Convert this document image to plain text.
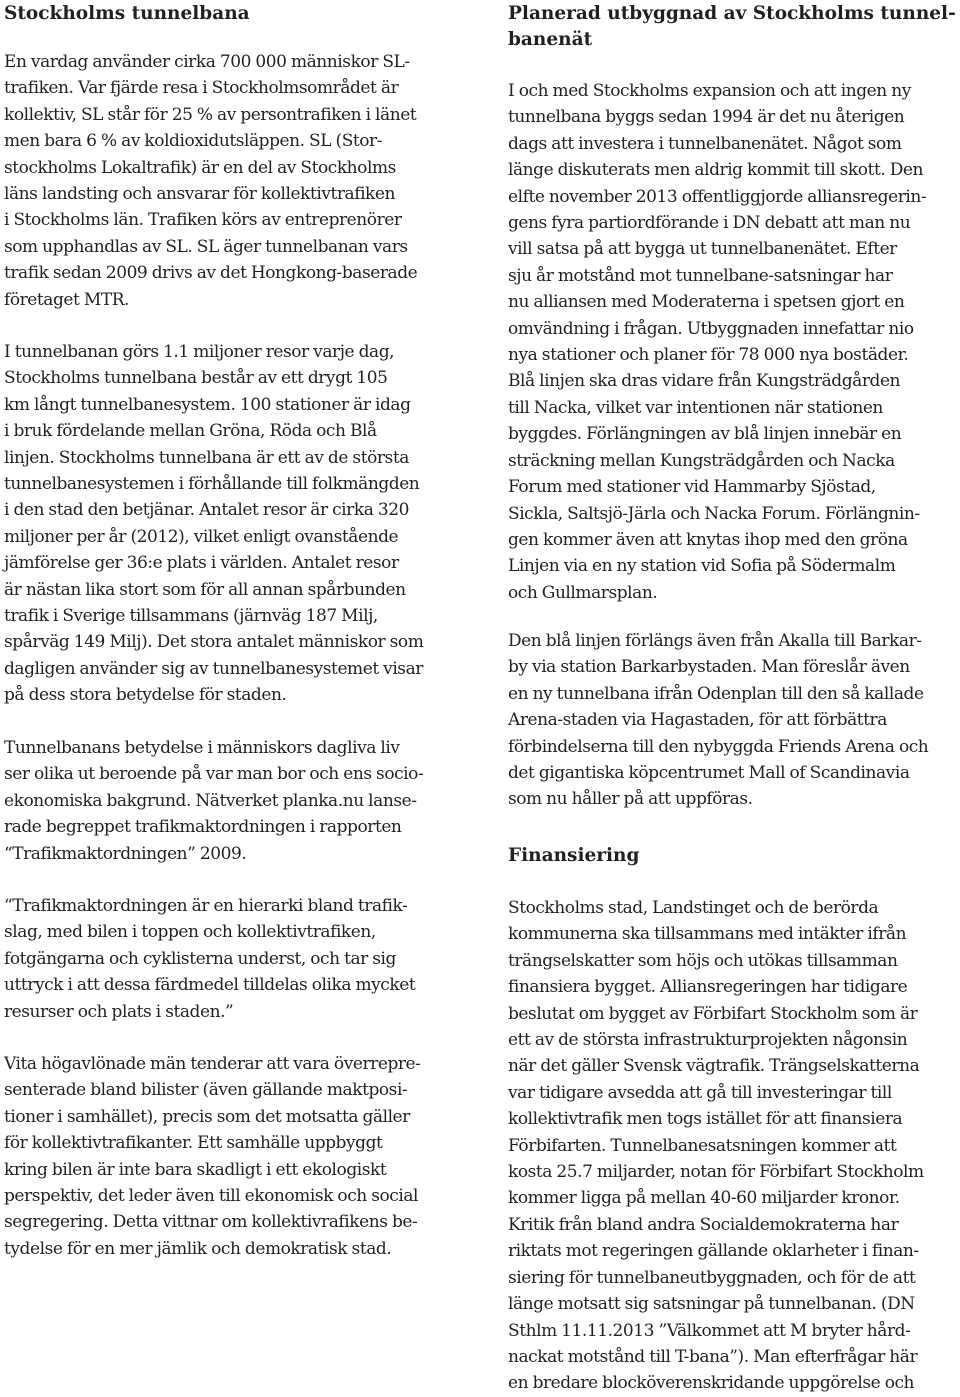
Stockholms tunnelbana

En vardag använder cirka 700 000 människor SL-
trafiken. Var fjärde resa i Stockholmsområdet är
kollektiv, SL står för 25 % av persontrafiken i länet
men bara 6 % av koldioxidutsläppen. SL (Stor-
stockholms Lokaltrafik) är en del av Stockholms
läns landsting och ansvarar för kollektivtrafiken
i Stockholms län. Trafiken körs av entreprenörer
som upphandlas av SL. SL äger tunnelbanan vars
trafik sedan 2009 drivs av det Hongkong-baserade
företaget MTR.

I tunnelbanan görs 1.1 miljoner resor varje dag,
Stockholms tunnelbana består av ett drygt 105
km långt tunnelbanesystem. 100 stationer är idag
i bruk fördelande mellan Gröna, Röda och Blå
linjen. Stockholms tunnelbana är ett av de största
tunnelbanesystemen i förhållande till folkmängden
i den stad den betjänar. Antalet resor är cirka 320
miljoner per år (2012), vilket enligt ovanstående
jämförelse ger 36:e plats i världen. Antalet resor
är nästan lika stort som för all annan spårbunden
trafik i Sverige tillsammans (järnväg 187 Milj,
spårväg 149 Milj). Det stora antalet människor som
dagligen använder sig av tunnelbanesystemet visar
på dess stora betydelse för staden.

Tunnelbanans betydelse i människors dagliva liv
ser olika ut beroende på var man bor och ens socio-
ekonomiska bakgrund. Nätverket planka.nu lanse-
rade begreppet trafikmaktordningen i rapporten
“Trafikmaktordningen” 2009.

“Trafikmaktordningen är en hierarki bland trafik-
slag, med bilen i toppen och kollektivtrafiken,
fotgängarna och cyklisterna underst, och tar sig
uttryck i att dessa färdmedel tilldelas olika mycket
resurser och plats i staden.”

Vita högavlönade män tenderar att vara överrepre-
senterade bland bilister (även gällande maktposi-
tioner i samhället), precis som det motsatta gäller
för kollektivtrafikanter. Ett samhälle uppbyggt
kring bilen är inte bara skadligt i ett ekologiskt
perspektiv, det leder även till ekonomisk och social
segregering. Detta vittnar om kollektivrafikens be-
tydelse för en mer jämlik och demokratisk stad.

Planerad utbyggnad av Stockholms tunnel-
banenät

I och med Stockholms expansion och att ingen ny
tunnelbana byggs sedan 1994 är det nu återigen
dags att investera i tunnelbanenätet. Något som
länge diskuterats men aldrig kommit till skott. Den
elfte november 2013 offentliggjorde alliansregerin-
gens fyra partiordförande i DN debatt att man nu
vill satsa på att bygga ut tunnelbanenätet. Efter
sju år motstånd mot tunnelbane-satsningar har
nu alliansen med Moderaterna i spetsen gjort en
omvändning i frågan. Utbyggnaden innefattar nio
nya stationer och planer för 78 000 nya bostäder.
Blå linjen ska dras vidare från Kungsträdgården
till Nacka, vilket var intentionen när stationen
byggdes. Förlängningen av blå linjen innebär en
sträckning mellan Kungsträdgården och Nacka
Forum med stationer vid Hammarby Sjöstad,
Sickla, Saltsjö-Järla och Nacka Forum. Förlängnin-
gen kommer även att knytas ihop med den gröna
Linjen via en ny station vid Sofia på Södermalm
och Gullmarsplan.

Den blå linjen förlängs även från Akalla till Barkar-
by via station Barkarbystaden. Man föreslår även
en ny tunnelbana ifrån Odenplan till den så kallade
Arena-staden via Hagastaden, för att förbättra
förbindelserna till den nybyggda Friends Arena och
det gigantiska köpcentrumet Mall of Scandinavia
som nu håller på att uppföras.

Finansiering

Stockholms stad, Landstinget och de berörda
kommunerna ska tillsammans med intäkter ifrån
trängselskatter som höjs och utökas tillsamman
finansiera bygget. Alliansregeringen har tidigare
beslutat om bygget av Förbifart Stockholm som är
ett av de största infrastrukturprojekten någonsin
när det gäller Svensk vägtrafik. Trängselskatterna
var tidigare avsedda att gå till investeringar till
kollektivtrafik men togs istället för att finansiera
Förbifarten. Tunnelbanesatsningen kommer att
kosta 25.7 miljarder, notan för Förbifart Stockholm
kommer ligga på mellan 40-60 miljarder kronor.
Kritik från bland andra Socialdemokraterna har
riktats mot regeringen gällande oklarheter i finan-
siering för tunnelbaneutbyggnaden, och för de att
länge motsatt sig satsningar på tunnelbanan. (DN
Sthlm 11.11.2013 ”Välkommet att M bryter hård-
nackat motstånd till T-bana”). Man efterfrågar här
en bredare blocköverenskridande uppgörelse och
